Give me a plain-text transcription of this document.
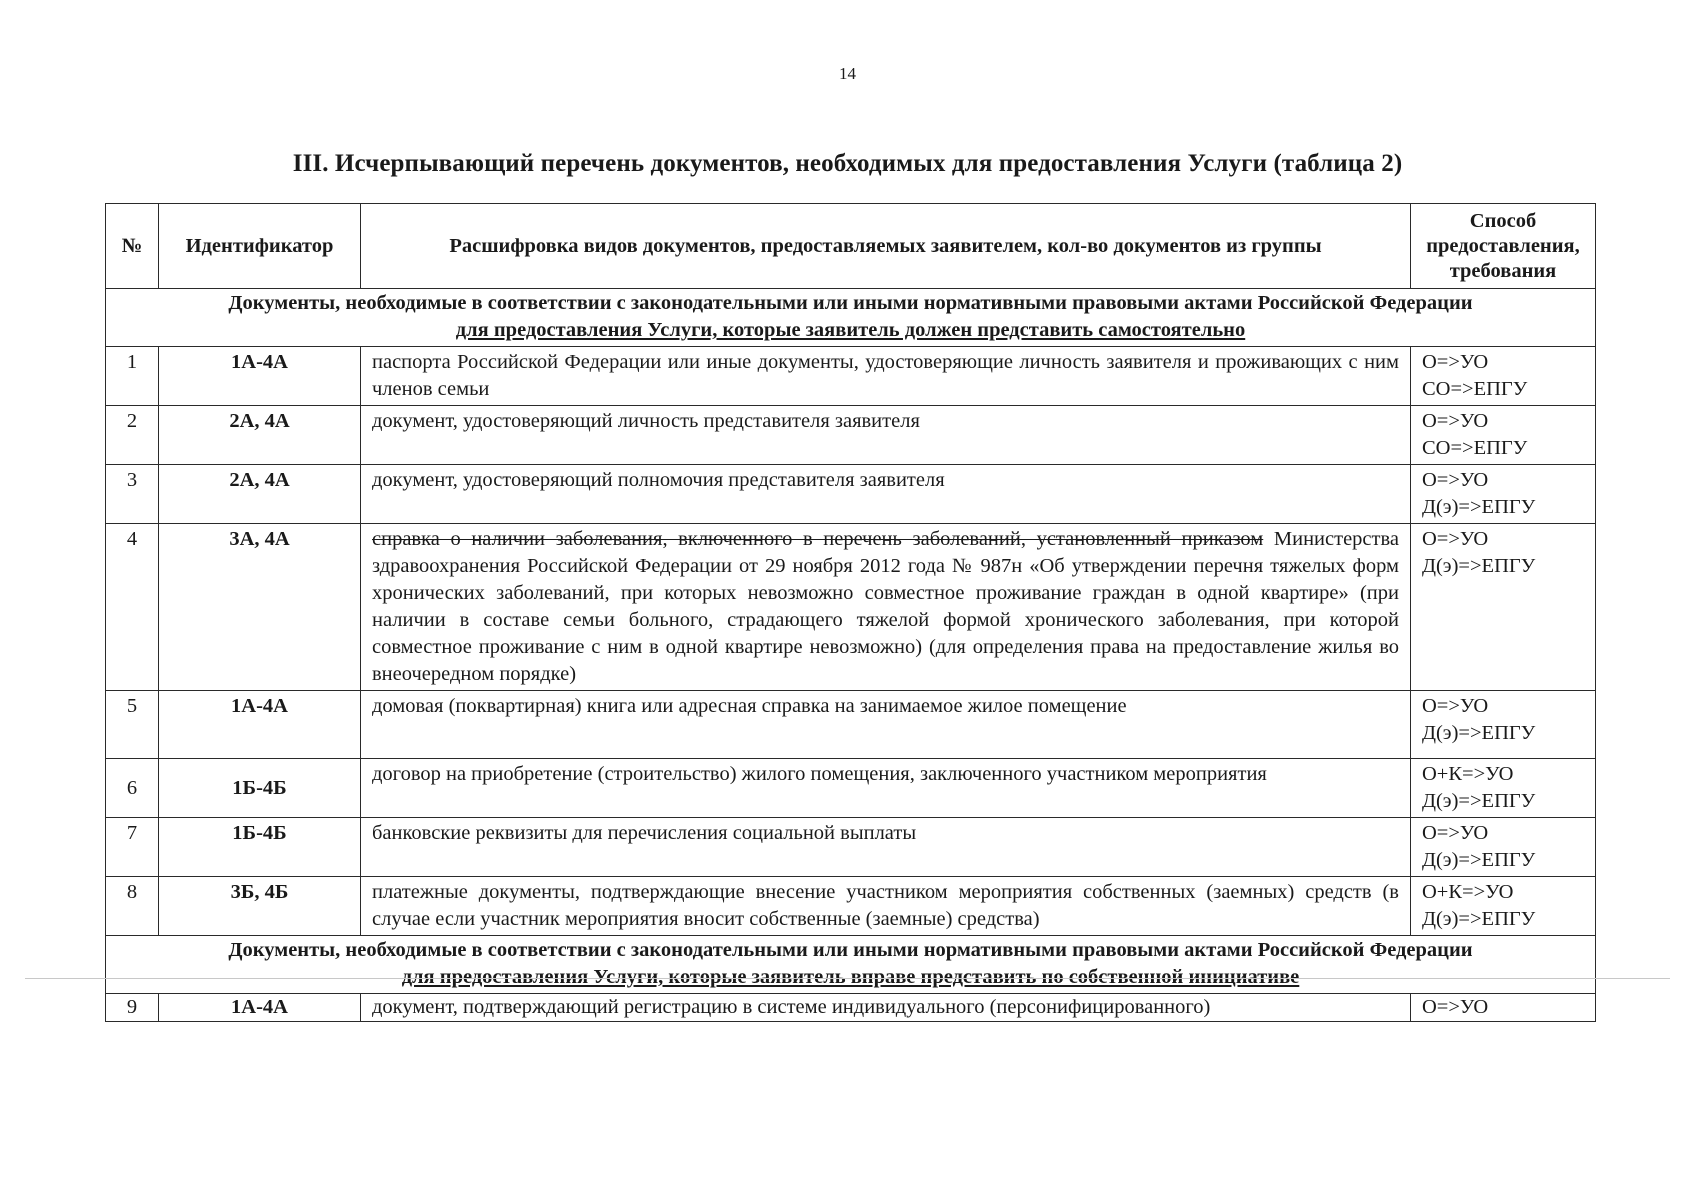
14
III. Исчерпывающий перечень документов, необходимых для предоставления Услуги (таблица 2)
№	Идентификатор	Расшифровка видов документов, предоставляемых заявителем, кол-во документов из группы	Способ предоставления, требования

Документы, необходимые в соответствии с законодательными или иными нормативными правовыми актами Российской Федерации
для предоставления Услуги, которые заявитель должен представить самостоятельно			

1	1А-4А	паспорта Российской Федерации или иные документы, удостоверяющие личность заявителя и проживающих с ним членов семьи	О=>УО
СО=>ЕПГУ

2	2А, 4А	документ, удостоверяющий личность представителя заявителя	О=>УО
СО=>ЕПГУ

3	2А, 4А	документ, удостоверяющий полномочия представителя заявителя	О=>УО
Д(э)=>ЕПГУ

4	3А, 4А	справка о наличии заболевания, включенного в перечень заболеваний, установленный приказом Министерства здравоохранения Российской Федерации от 29 ноября 2012 года № 987н «Об утверждении перечня тяжелых форм хронических заболеваний, при которых невозможно совместное проживание граждан в одной квартире» (при наличии в составе семьи больного, страдающего тяжелой формой хронического заболевания, при которой совместное проживание с ним в одной квартире невозможно) (для определения права на предоставление жилья во внеочередном порядке)	О=>УО
Д(э)=>ЕПГУ

5	1А-4А	домовая (поквартирная) книга или адресная справка на занимаемое жилое помещение	О=>УО
Д(э)=>ЕПГУ

6	1Б-4Б	договор на приобретение (строительство) жилого помещения, заключенного участником мероприятия	О+К=>УО
Д(э)=>ЕПГУ

7	1Б-4Б	банковские реквизиты для перечисления социальной выплаты	О=>УО
Д(э)=>ЕПГУ

8	3Б, 4Б	платежные документы, подтверждающие внесение участником мероприятия собственных (заемных) средств (в случае если участник мероприятия вносит собственные (заемные) средства)	О+К=>УО
Д(э)=>ЕПГУ

Документы, необходимые в соответствии с законодательными или иными нормативными правовыми актами Российской Федерации
для предоставления Услуги, которые заявитель вправе представить по собственной инициативе			

9	1А-4А	документ, подтверждающий регистрацию в системе индивидуального (персонифицированного)	О=>УО
